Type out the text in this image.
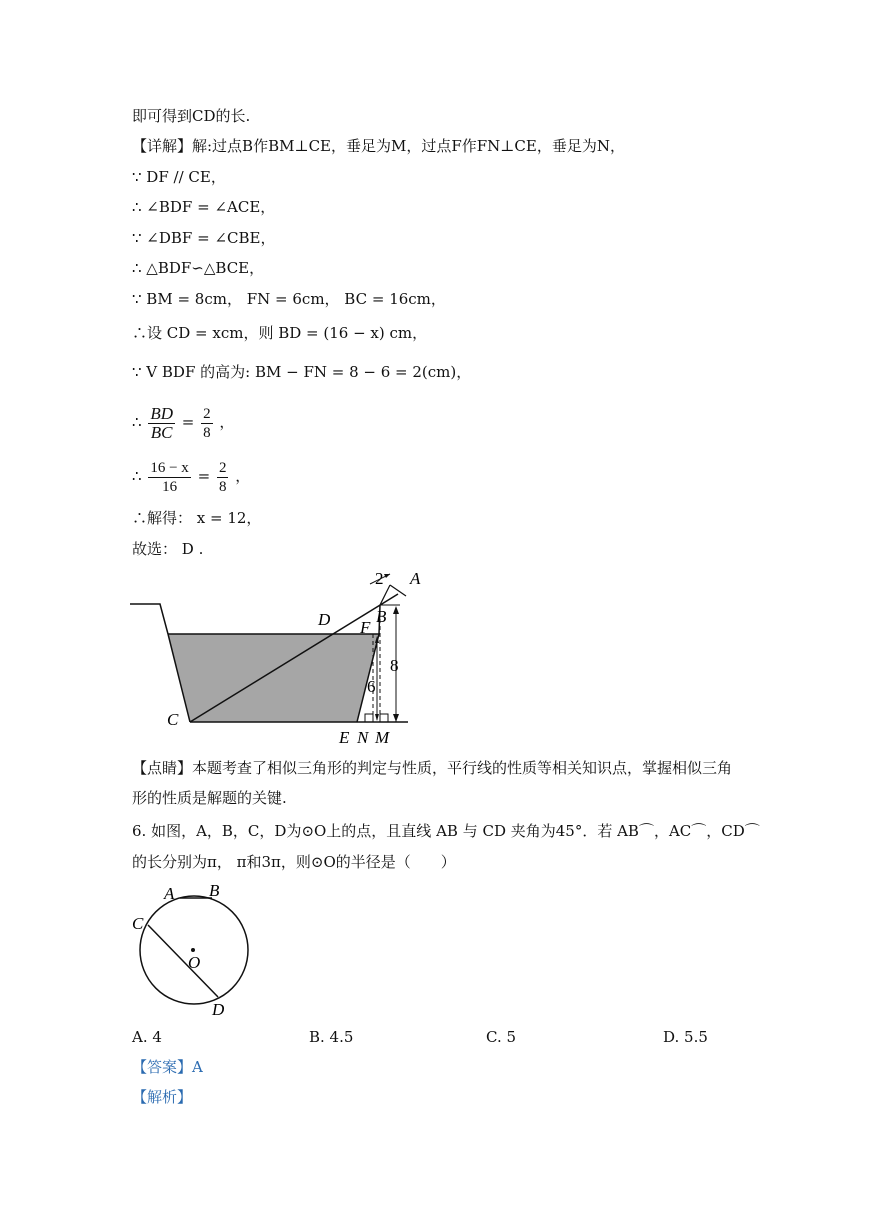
即可得到CD的长.
【详解】解:过点B作BM⊥CE，垂足为M，过点F作FN⊥CE，垂足为N，
∵ DF // CE，
∴ ∠BDF = ∠ACE，
∵ ∠DBF = ∠CBE，
∴ △BDF∽△BCE，
∵ BM = 8cm， FN = 6cm， BC = 16cm，
∴设 CD = xcm，则 BD = (16 − x) cm，
∵ V BDF 的高为: BM − FN = 8 − 6 = 2(cm)，
∴ $\frac{BD}{BC} = \frac{2}{8}$ ，
∴ $\frac{16 - x}{16} = \frac{2}{8}$ ，
∴解得： x = 12，
故选： D .
A
2
B
F
D
C
8
6
E N M
【点睛】本题考查了相似三角形的判定与性质，平行线的性质等相关知识点，掌握相似三角
形的性质是解题的关键.
6. 如图，A，B，C，D为⊙O上的点，且直线 AB 与 CD 夹角为45°．若 AB⌒，AC⌒，CD⌒
的长分别为π， π和3π，则⊙O的半径是（　　）
A B
C
O
D
A. 4	B. 4.5	C. 5	D. 5.5
【答案】A
【解析】
